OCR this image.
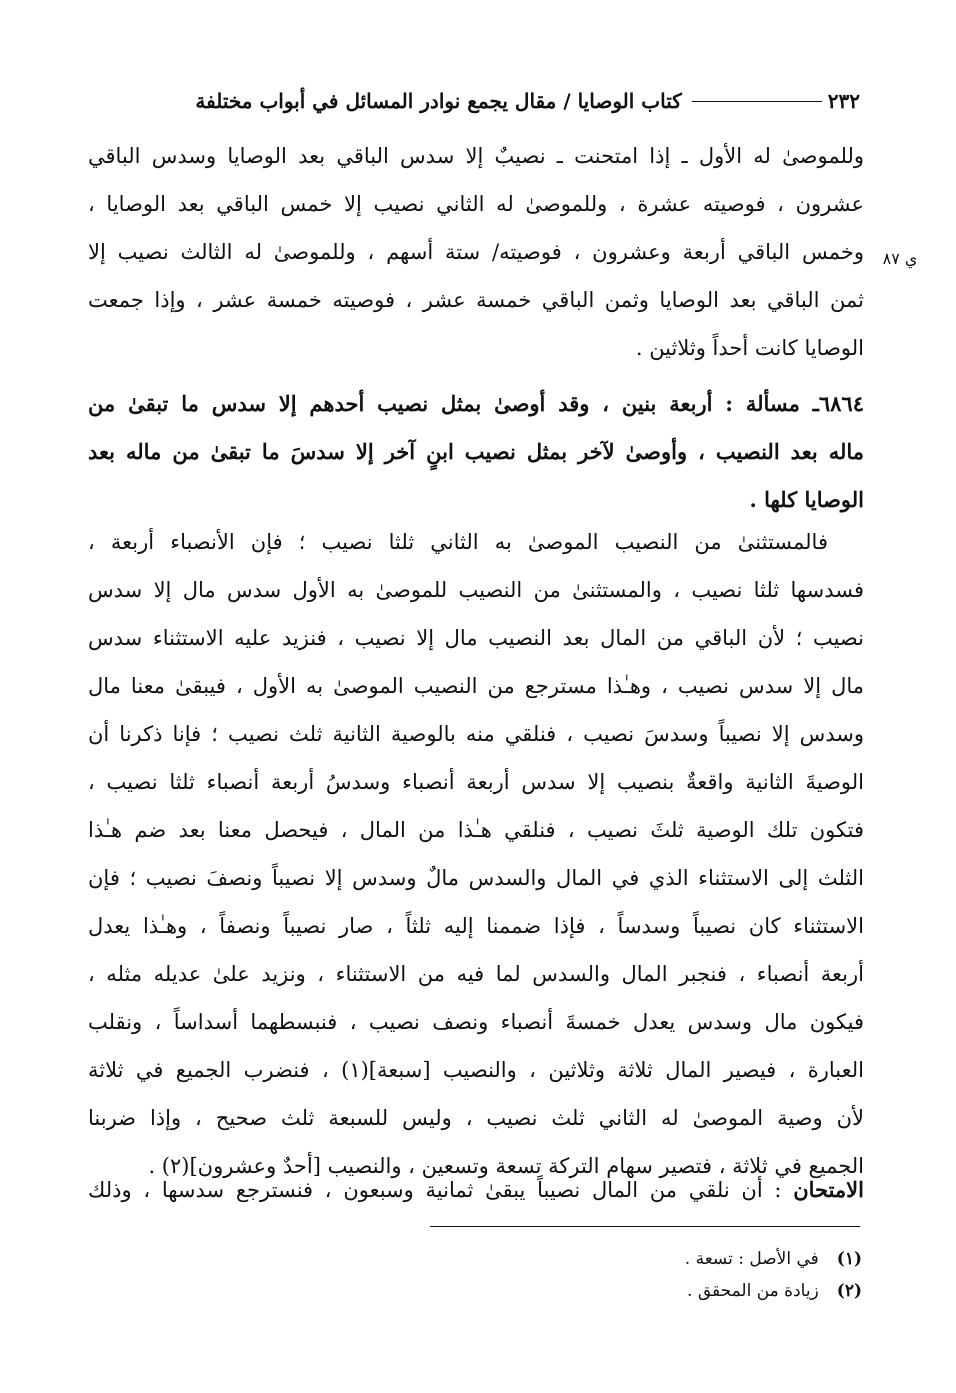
٢٣٢
كتاب الوصايا / مقال يجمع نوادر المسائل في أبواب مختلفة
ي ٨٧
وللموصىٰ له الأول ـ إذا امتحنت ـ نصيبٌ إلا سدس الباقي بعد الوصايا وسدس الباقي
عشرون ، فوصيته عشرة ، وللموصىٰ له الثاني نصيب إلا خمس الباقي بعد الوصايا ،
وخمس الباقي أربعة وعشرون ، فوصيته/ ستة أسهم ، وللموصىٰ له الثالث نصيب إلا
ثمن الباقي بعد الوصايا وثمن الباقي خمسة عشر ، فوصيته خمسة عشر ، وإذا جمعت
الوصايا كانت أحداً وثلاثين .
٦٨٦٤ـ مسألة : أربعة بنين ، وقد أوصىٰ بمثل نصيب أحدهم إلا سدس ما تبقىٰ من
ماله بعد النصيب ، وأوصىٰ لآخر بمثل نصيب ابنٍ آخر إلا سدسَ ما تبقىٰ من ماله بعد
الوصايا كلها .
فالمستثنىٰ من النصيب الموصىٰ به الثاني ثلثا نصيب ؛ فإن الأنصباء أربعة ،
فسدسها ثلثا نصيب ، والمستثنىٰ من النصيب للموصىٰ به الأول سدس مال إلا سدس
نصيب ؛ لأن الباقي من المال بعد النصيب مال إلا نصيب ، فنزيد عليه الاستثناء سدس
مال إلا سدس نصيب ، وهـٰذا مسترجع من النصيب الموصىٰ به الأول ، فيبقىٰ معنا مال
وسدس إلا نصيباً وسدسَ نصيب ، فنلقي منه بالوصية الثانية ثلث نصيب ؛ فإنا ذكرنا أن
الوصيةَ الثانية واقعةٌ بنصيب إلا سدس أربعة أنصباء وسدسُ أربعة أنصباء ثلثا نصيب ،
فتكون تلك الوصية ثلثَ نصيب ، فنلقي هـٰذا من المال ، فيحصل معنا بعد ضم هـٰذا
الثلث إلى الاستثناء الذي في المال والسدس مالٌ وسدس إلا نصيباً ونصفَ نصيب ؛ فإن
الاستثناء كان نصيباً وسدساً ، فإذا ضممنا إليه ثلثاً ، صار نصيباً ونصفاً ، وهـٰذا يعدل
أربعة أنصباء ، فنجبر المال والسدس لما فيه من الاستثناء ، ونزيد علىٰ عديله مثله ،
فيكون مال وسدس يعدل خمسةَ أنصباء ونصف نصيب ، فنبسطهما أسداساً ، ونقلب
العبارة ، فيصير المال ثلاثة وثلاثين ، والنصيب [سبعة](١) ، فنضرب الجميع في ثلاثة
لأن وصية الموصىٰ له الثاني ثلث نصيب ، وليس للسبعة ثلث صحيح ، وإذا ضربنا
الجميع في ثلاثة ، فتصير سهام التركة تسعة وتسعين ، والنصيب [أحدٌ وعشرون](٢) .
الامتحان : أن نلقي من المال نصيباً يبقىٰ ثمانية وسبعون ، فنسترجع سدسها ، وذلك
(١)
في الأصل : تسعة .
(٢)
زيادة من المحقق .
